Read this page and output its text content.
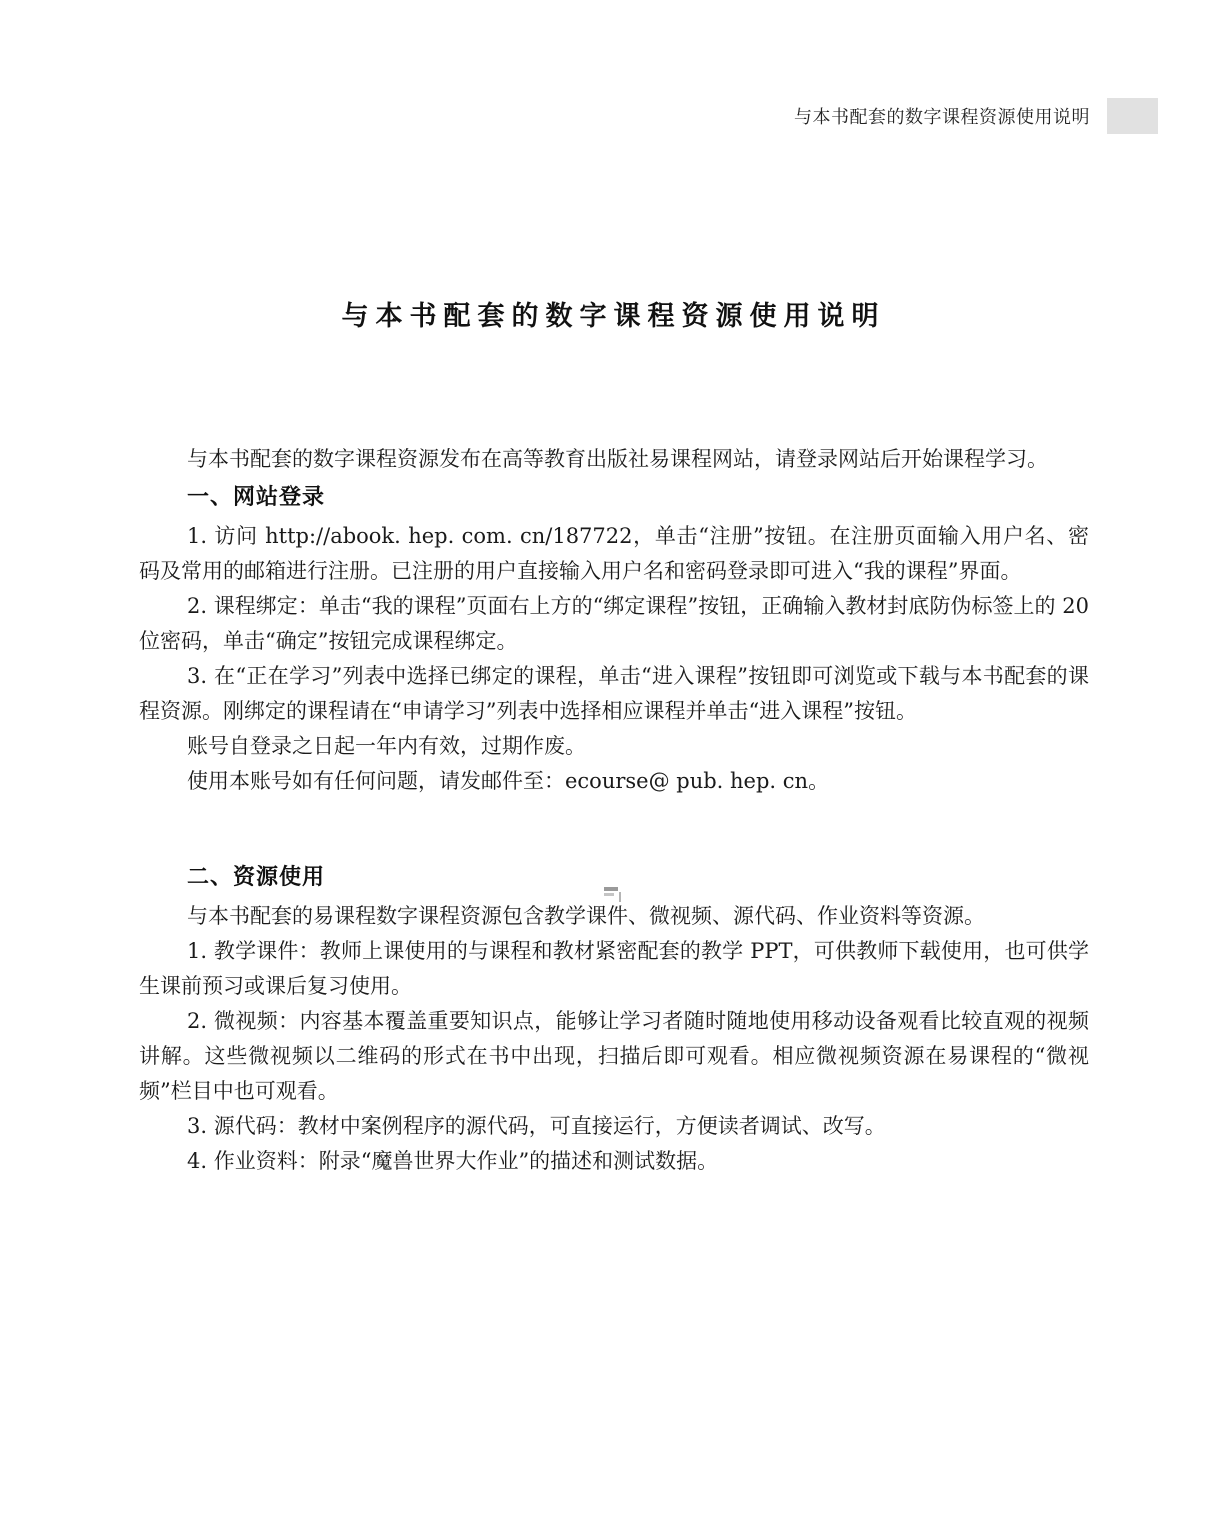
与本书配套的数字课程资源使用说明
与本书配套的数字课程资源使用说明

与本书配套的数字课程资源发布在高等教育出版社易课程网站，请登录网站后开始课程学习。

一、网站登录

1. 访问 http://abook. hep. com. cn/187722，单击“注册”按钮。在注册页面输入用户名、密码及常用的邮箱进行注册。已注册的用户直接输入用户名和密码登录即可进入“我的课程”界面。

2. 课程绑定：单击“我的课程”页面右上方的“绑定课程”按钮，正确输入教材封底防伪标签上的 20 位密码，单击“确定”按钮完成课程绑定。

3. 在“正在学习”列表中选择已绑定的课程，单击“进入课程”按钮即可浏览或下载与本书配套的课程资源。刚绑定的课程请在“申请学习”列表中选择相应课程并单击“进入课程”按钮。

账号自登录之日起一年内有效，过期作废。

使用本账号如有任何问题，请发邮件至：ecourse@ pub. hep. cn。

二、资源使用

与本书配套的易课程数字课程资源包含教学课件、微视频、源代码、作业资料等资源。

1. 教学课件：教师上课使用的与课程和教材紧密配套的教学 PPT，可供教师下载使用，也可供学生课前预习或课后复习使用。

2. 微视频：内容基本覆盖重要知识点，能够让学习者随时随地使用移动设备观看比较直观的视频讲解。这些微视频以二维码的形式在书中出现，扫描后即可观看。相应微视频资源在易课程的“微视频”栏目中也可观看。

3. 源代码：教材中案例程序的源代码，可直接运行，方便读者调试、改写。

4. 作业资料：附录“魔兽世界大作业”的描述和测试数据。
